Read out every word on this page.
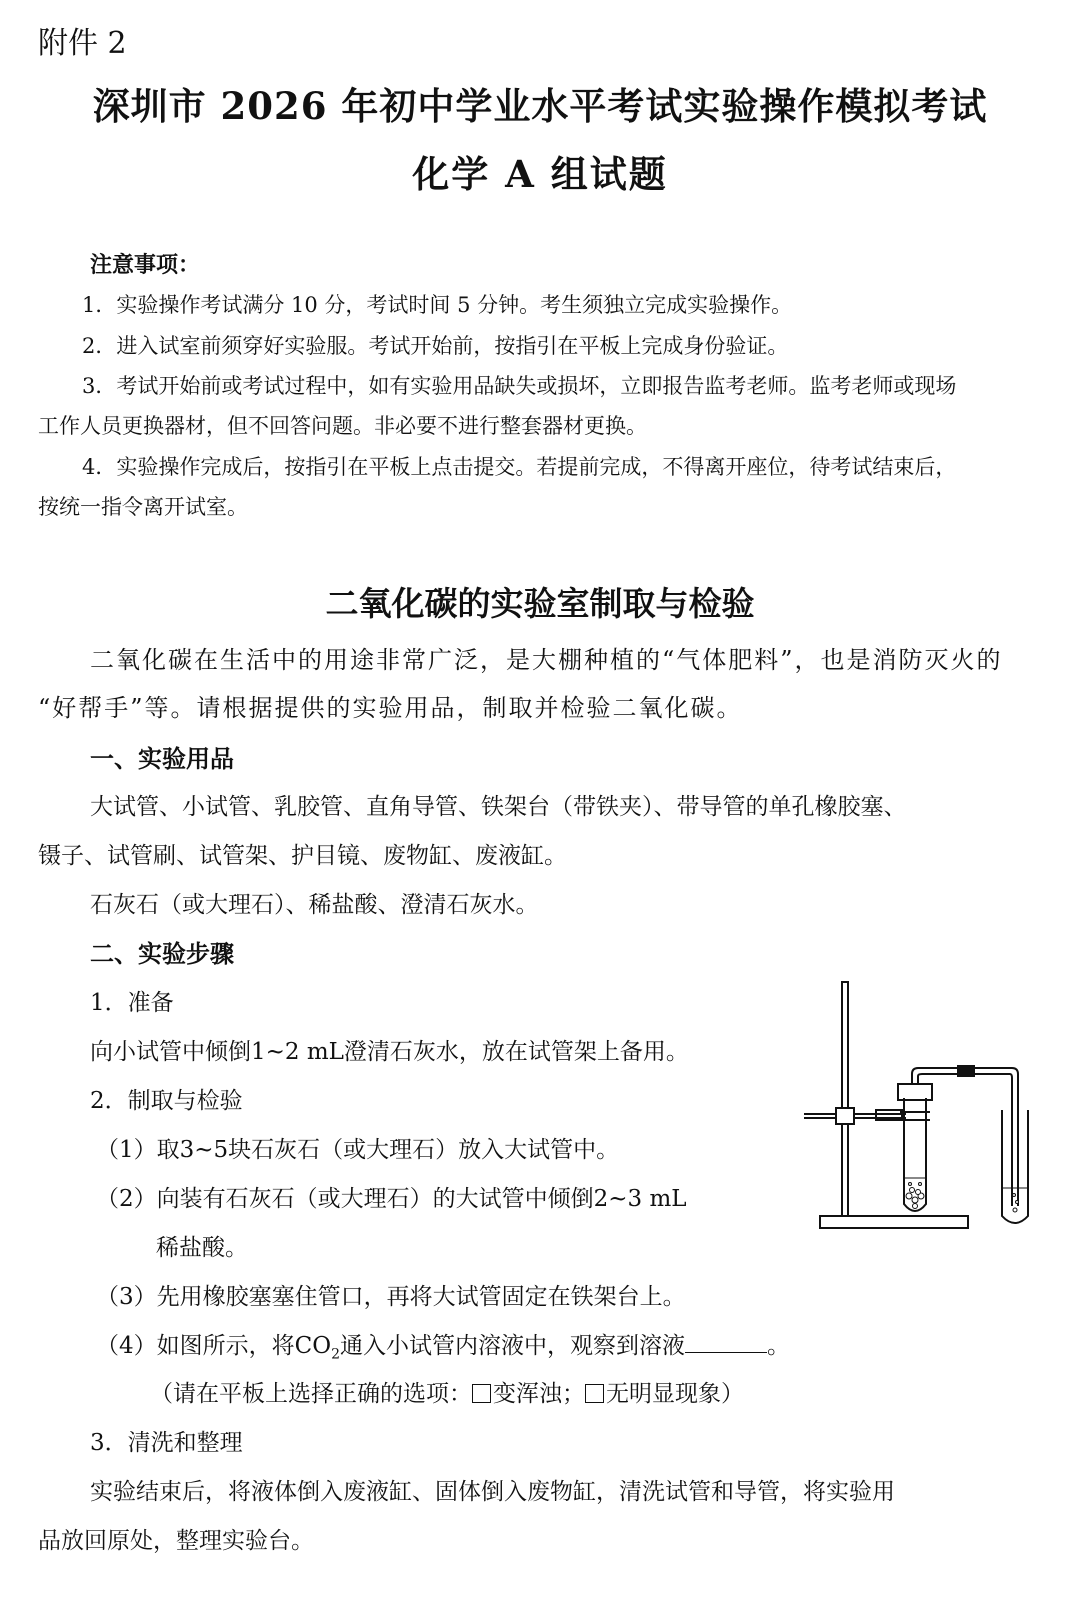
附件 2
深圳市 2026 年初中学业水平考试实验操作模拟考试
化学 A 组试题
注意事项：
1．实验操作考试满分 10 分，考试时间 5 分钟。考生须独立完成实验操作。
2．进入试室前须穿好实验服。考试开始前，按指引在平板上完成身份验证。
3．考试开始前或考试过程中，如有实验用品缺失或损坏，立即报告监考老师。监考老师或现场
工作人员更换器材，但不回答问题。非必要不进行整套器材更换。
4．实验操作完成后，按指引在平板上点击提交。若提前完成，不得离开座位，待考试结束后，
按统一指令离开试室。
二氧化碳的实验室制取与检验
二氧化碳在生活中的用途非常广泛，是大棚种植的“气体肥料”，也是消防灭火的
“好帮手”等。请根据提供的实验用品，制取并检验二氧化碳。
一、实验用品
大试管、小试管、乳胶管、直角导管、铁架台（带铁夹）、带导管的单孔橡胶塞、
镊子、试管刷、试管架、护目镜、废物缸、废液缸。
石灰石（或大理石）、稀盐酸、澄清石灰水。
二、实验步骤
1．准备
向小试管中倾倒1~2 mL澄清石灰水，放在试管架上备用。
2．制取与检验
（1）取3~5块石灰石（或大理石）放入大试管中。
（2）向装有石灰石（或大理石）的大试管中倾倒2~3 mL
稀盐酸。
（3）先用橡胶塞塞住管口，再将大试管固定在铁架台上。
（4）如图所示，将$CO_2$通入小试管内溶液中，观察到溶液	。
（请在平板上选择正确的选项： 变浑浊； 无明显现象）
3．清洗和整理
实验结束后，将液体倒入废液缸、固体倒入废物缸，清洗试管和导管，将实验用
品放回原处，整理实验台。
